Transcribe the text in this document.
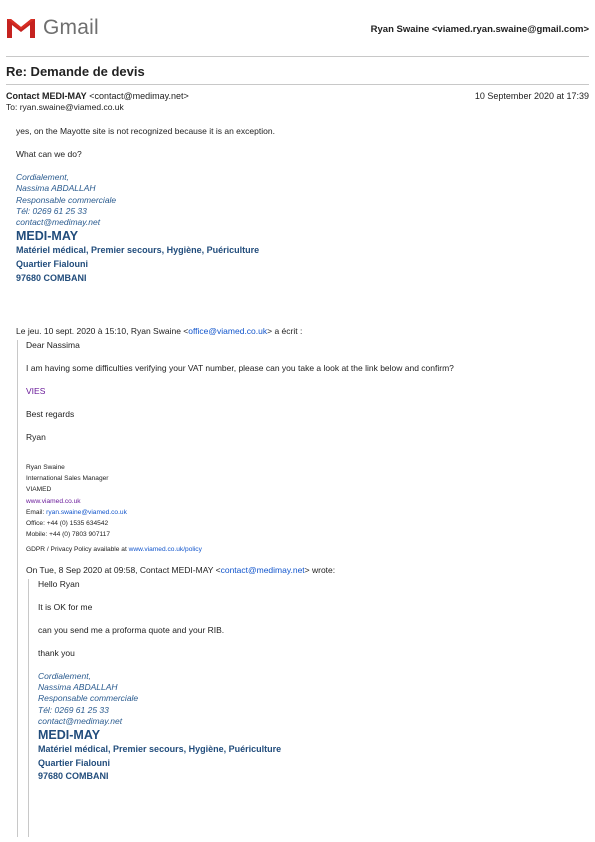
Gmail	Ryan Swaine <viamed.ryan.swaine@gmail.com>
Re: Demande de devis
Contact MEDI-MAY <contact@medimay.net>	10 September 2020 at 17:39
To: ryan.swaine@viamed.co.uk

yes, on the Mayotte site is not recognized because it is an exception.

What can we do?

Cordialement,
Nassima ABDALLAH
Responsable commerciale
Tél: 0269 61 25 33
contact@medimay.net
MEDI-MAY
Matériel médical, Premier secours, Hygiène, Puériculture
Quartier Fialouni
97680 COMBANI
Le jeu. 10 sept. 2020 à 15:10, Ryan Swaine <office@viamed.co.uk> a écrit :
Dear Nassima
I am having some difficulties verifying your VAT number, please can you take a look at the link below and confirm?
VIES
Best regards
Ryan
Ryan Swaine
International Sales Manager
VIAMED
www.viamed.co.uk
Email: ryan.swaine@viamed.co.uk
Office: +44 (0) 1535 634542
Mobile: +44 (0) 7803 907117
GDPR / Privacy Policy available at www.viamed.co.uk/policy
On Tue, 8 Sep 2020 at 09:58, Contact MEDI-MAY <contact@medimay.net> wrote:
Hello Ryan
It is OK for me
can you send me a proforma quote and your RIB.
thank you
Cordialement,
Nassima ABDALLAH
Responsable commerciale
Tél: 0269 61 25 33
contact@medimay.net
MEDI-MAY
Matériel médical, Premier secours, Hygiène, Puériculture
Quartier Fialouni
97680 COMBANI
